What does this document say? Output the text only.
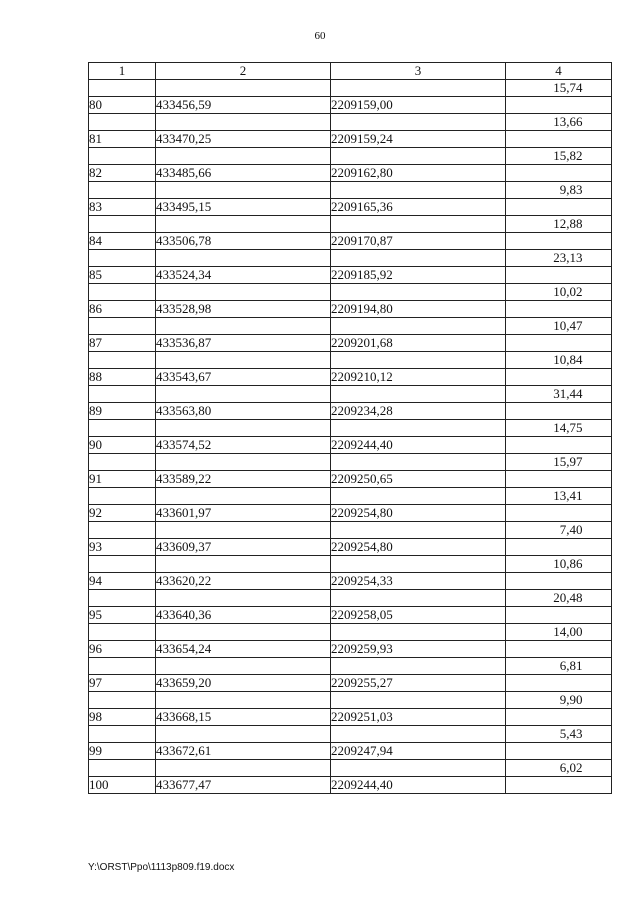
60
1	2	3	4
			15,74
80	433456,59	2209159,00	
			13,66
81	433470,25	2209159,24	
			15,82
82	433485,66	2209162,80	
			9,83
83	433495,15	2209165,36	
			12,88
84	433506,78	2209170,87	
			23,13
85	433524,34	2209185,92	
			10,02
86	433528,98	2209194,80	
			10,47
87	433536,87	2209201,68	
			10,84
88	433543,67	2209210,12	
			31,44
89	433563,80	2209234,28	
			14,75
90	433574,52	2209244,40	
			15,97
91	433589,22	2209250,65	
			13,41
92	433601,97	2209254,80	
			7,40
93	433609,37	2209254,80	
			10,86
94	433620,22	2209254,33	
			20,48
95	433640,36	2209258,05	
			14,00
96	433654,24	2209259,93	
			6,81
97	433659,20	2209255,27	
			9,90
98	433668,15	2209251,03	
			5,43
99	433672,61	2209247,94	
			6,02
100	433677,47	2209244,40	
Y:\ORST\Ppo\1113p809.f19.docx
